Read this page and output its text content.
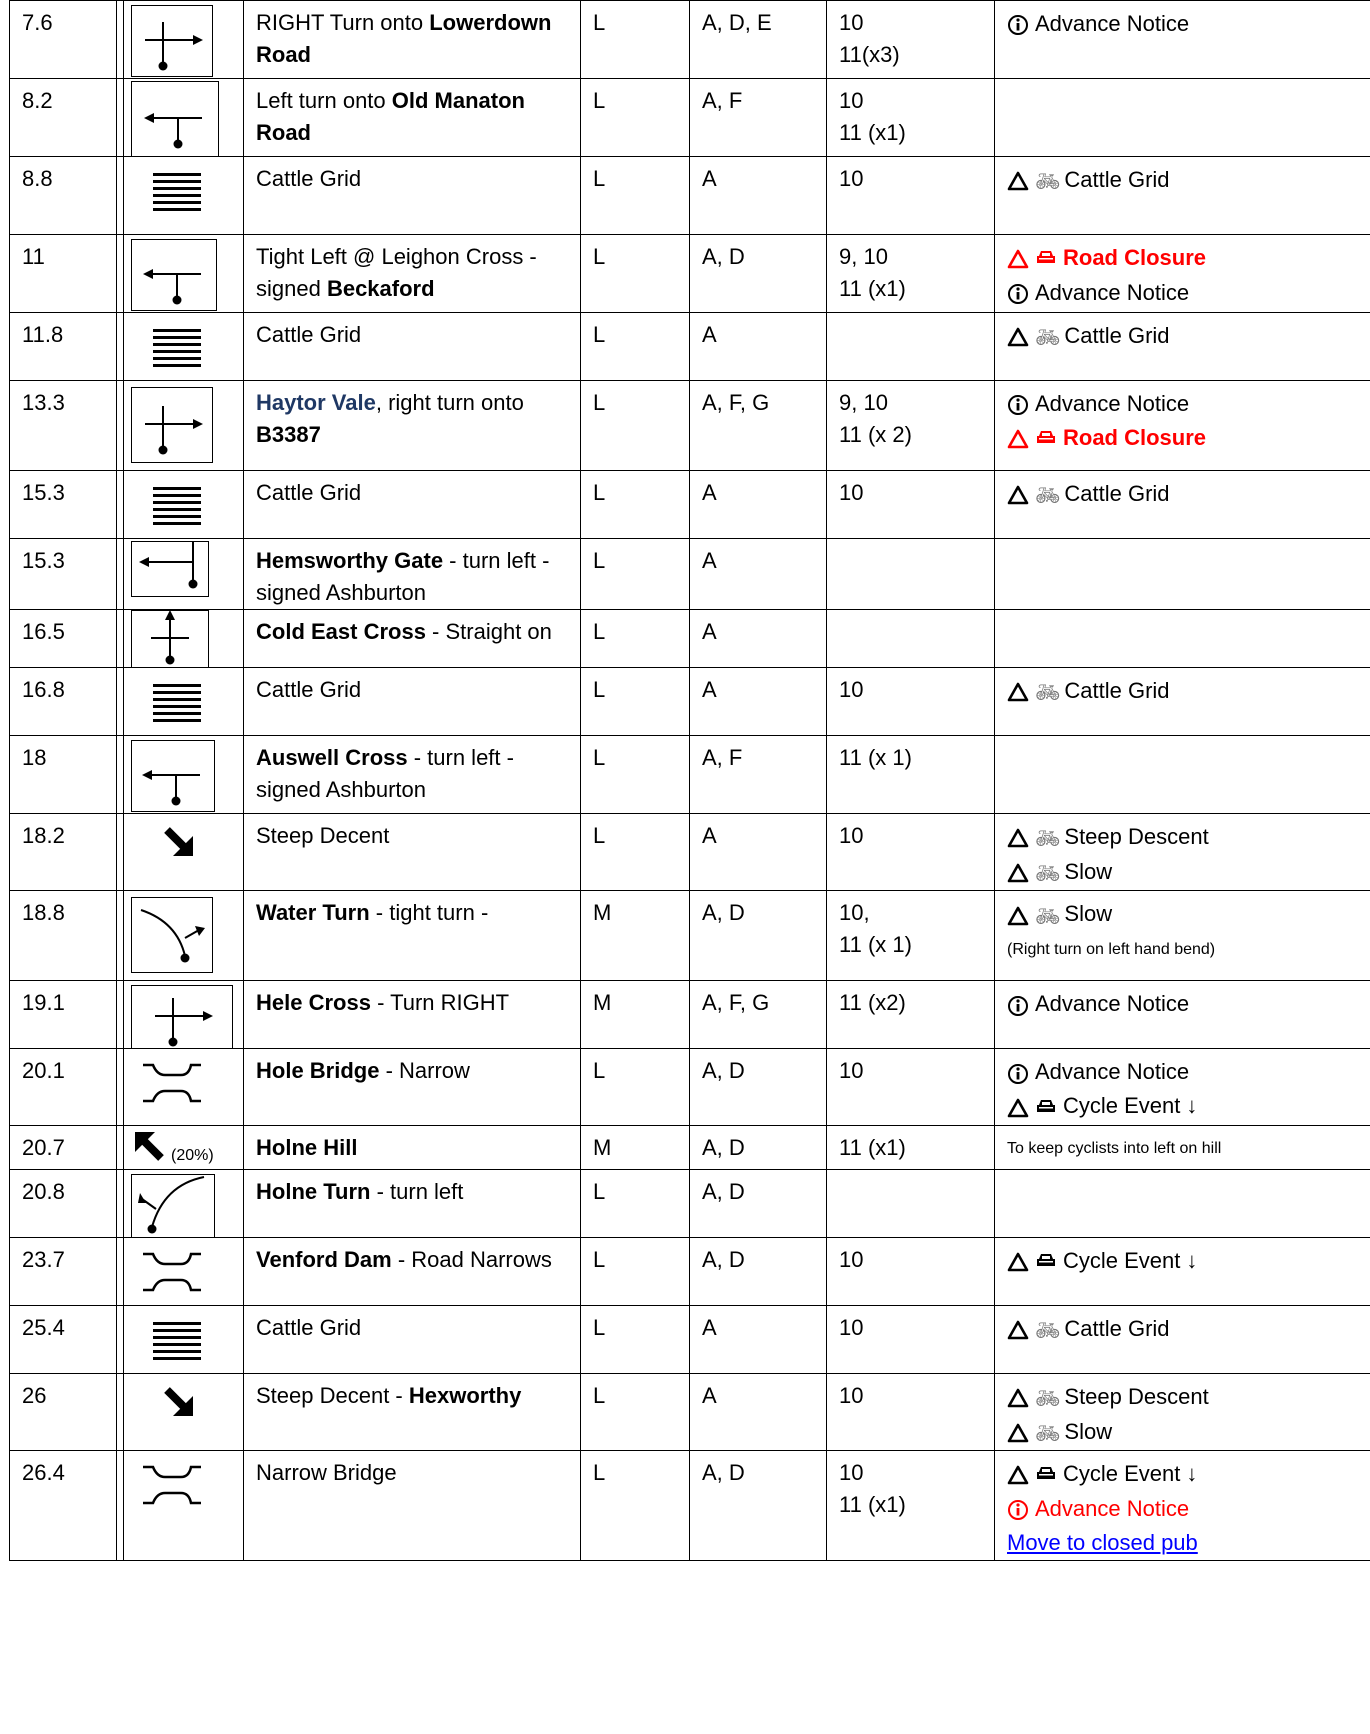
7.6		RIGHT Turn onto Lowerdown Road	L	A, D, E	10
11(x3)	Advance Notice

8.2		Left turn onto Old Manaton Road	L	A, F	10
11 (x1)	

8.8		Cattle Grid	L	A	10	🚲︎ Cattle Grid

11		Tight Left @ Leighon Cross - signed Beckaford	L	A, D	9, 10
11 (x1)	Road Closure
Advance Notice

11.8		Cattle Grid	L	A		🚲︎ Cattle Grid

13.3		Haytor Vale, right turn onto B3387	L	A, F, G	9, 10
11 (x 2)	Advance Notice
Road Closure

15.3		Cattle Grid	L	A	10	🚲︎ Cattle Grid

15.3		Hemsworthy Gate - turn left - signed Ashburton	L	A		
16.5		Cold East Cross - Straight on	L	A		
16.8		Cattle Grid	L	A	10	🚲︎ Cattle Grid

18		Auswell Cross - turn left - signed Ashburton	L	A, F	11 (x 1)	

18.2		Steep Decent	L	A	10	🚲︎ Steep Descent
🚲︎ Slow

18.8		Water Turn - tight turn -	M	A, D	10,
11 (x 1)	🚲︎ Slow
(Right turn on left hand bend)

19.1		Hele Cross - Turn RIGHT	M	A, F, G	11 (x2)	Advance Notice

20.1		Hole Bridge - Narrow	L	A, D	10	Advance Notice
Cycle Event ↓

20.7	(20%)	Holne Hill	M	A, D	11 (x1)	To keep cyclists into left on hill

20.8		Holne Turn - turn left	L	A, D		
23.7		Venford Dam - Road Narrows	L	A, D	10	Cycle Event ↓

25.4		Cattle Grid	L	A	10	🚲︎ Cattle Grid

26		Steep Decent - Hexworthy	L	A	10	🚲︎ Steep Descent
🚲︎ Slow

26.4		Narrow Bridge	L	A, D	10
11 (x1)	Cycle Event ↓
Advance Notice
Move to closed pub
